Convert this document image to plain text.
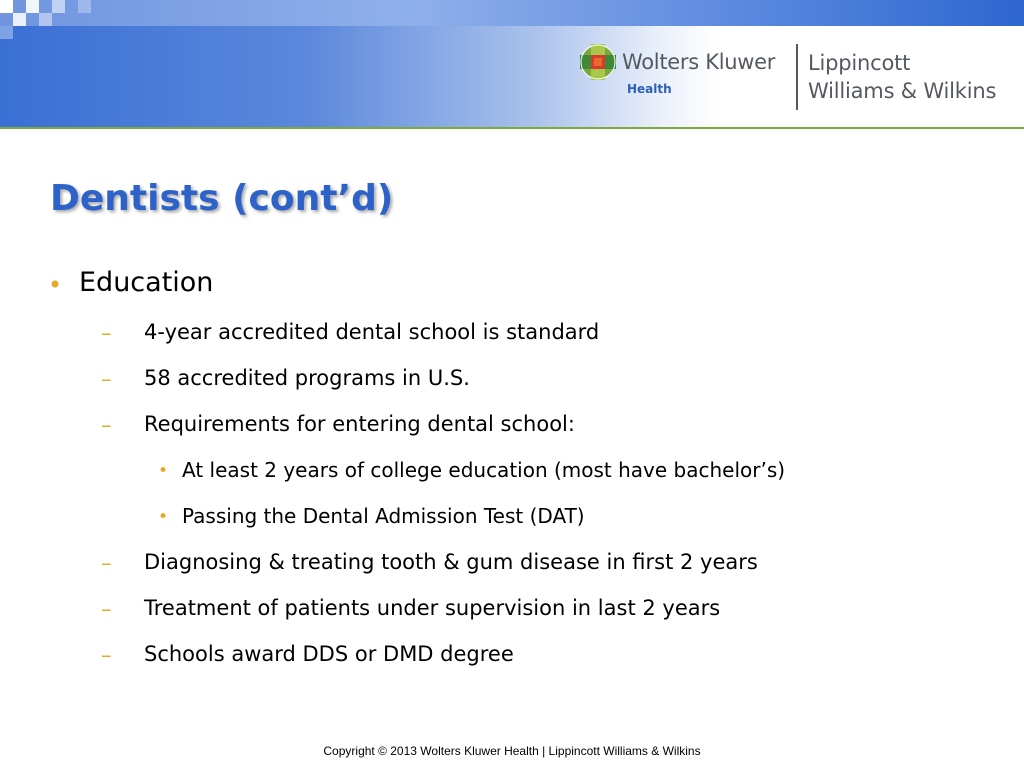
Wolters Kluwer
Health
Lippincott
Williams & Wilkins
Dentists (cont’d)
• Education
– 4-year accredited dental school is standard
– 58 accredited programs in U.S.
– Requirements for entering dental school:
• At least 2 years of college education (most have bachelor’s)
• Passing the Dental Admission Test (DAT)
– Diagnosing & treating tooth & gum disease in first 2 years
– Treatment of patients under supervision in last 2 years
– Schools award DDS or DMD degree
Copyright © 2013 Wolters Kluwer Health | Lippincott Williams & Wilkins
